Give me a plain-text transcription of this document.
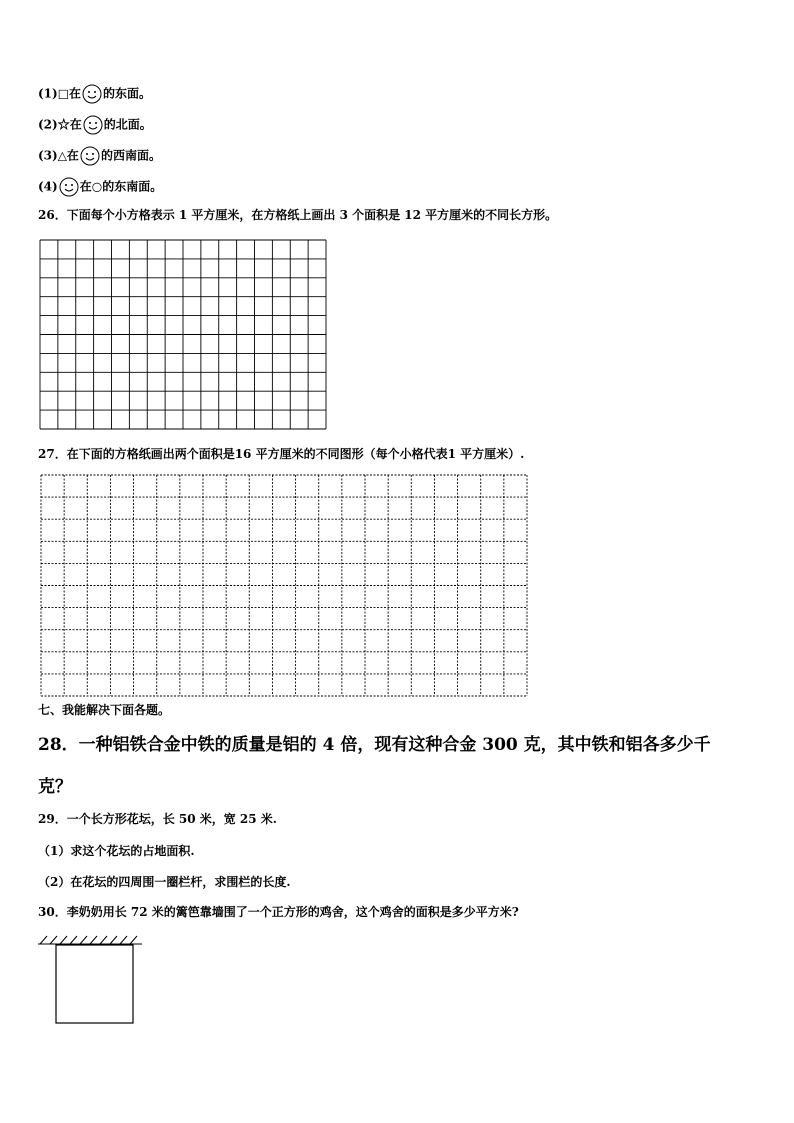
(1)□在 的东面。
(2)☆在 的北面。
(3)△在 的西南面。
(4) 在○的东南面。
26．下面每个小方格表示 1 平方厘米，在方格纸上画出 3 个面积是 12 平方厘米的不同长方形。
27．在下面的方格纸画出两个面积是16 平方厘米的不同图形（每个小格代表1 平方厘米）.
七、我能解决下面各题。
28．一种铝铁合金中铁的质量是铝的 4 倍，现有这种合金 300 克，其中铁和铝各多少千
克？
29．一个长方形花坛，长 50 米，宽 25 米.
（1）求这个花坛的占地面积.
（2）在花坛的四周围一圈栏杆，求围栏的长度.
30．李奶奶用长 72 米的篱笆靠墙围了一个正方形的鸡舍，这个鸡舍的面积是多少平方米?
